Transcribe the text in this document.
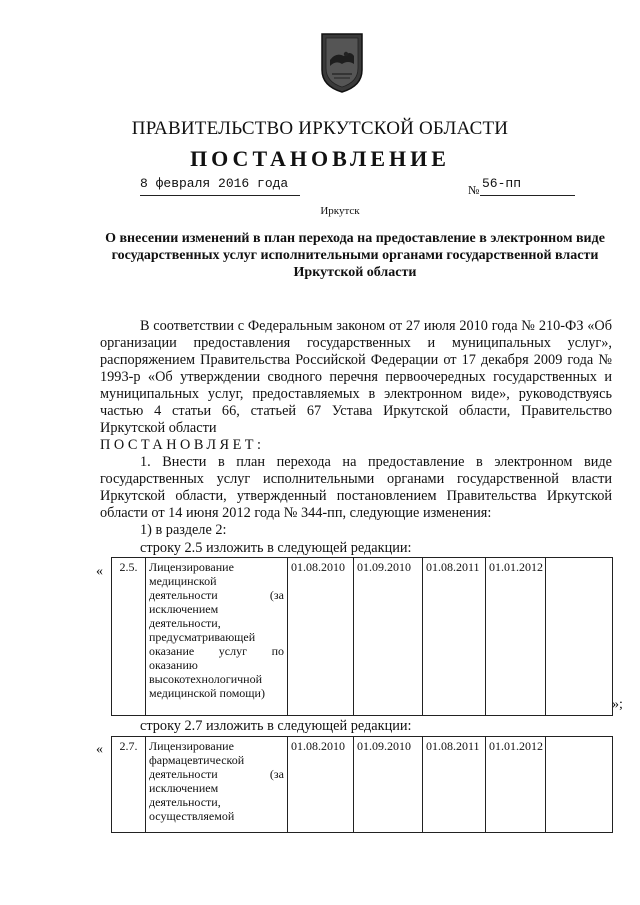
ПРАВИТЕЛЬСТВО ИРКУТСКОЙ ОБЛАСТИ
ПОСТАНОВЛЕНИЕ
8 февраля 2016 года	№ 56-пп
Иркутск
О внесении изменений в план перехода на предоставление в электронном виде государственных услуг исполнительными органами государственной власти Иркутской области

В соответствии с Федеральным законом от 27 июля 2010 года № 210-ФЗ «Об организации предоставления государственных и муниципальных услуг», распоряжением Правительства Российской Федерации от 17 декабря 2009 года № 1993-р «Об утверждении сводного перечня первоочередных государственных и муниципальных услуг, предоставляемых в электронном виде», руководствуясь частью 4 статьи 66, статьей 67 Устава Иркутской области, Правительство Иркутской области

ПОСТАНОВЛЯЕТ:

1. Внести в план перехода на предоставление в электронном виде государственных услуг исполнительными органами государственной власти Иркутской области, утвержденный постановлением Правительства Иркутской области от 14 июня 2012 года № 344-пп, следующие изменения:

1) в разделе 2:

строку 2.5 изложить в следующей редакции:
« 2.5.	Лицензирование медицинской деятельности (за исключением деятельности, предусматривающей оказание услуг по оказанию высокотехнологичной медицинской помощи)	01.08.2010	01.09.2010	01.08.2011	01.01.2012	
»;
строку 2.7 изложить в следующей редакции:
« 2.7.	Лицензирование фармацевтической деятельности (за исключением деятельности, осуществляемой	01.08.2010	01.09.2010	01.08.2011	01.01.2012	
